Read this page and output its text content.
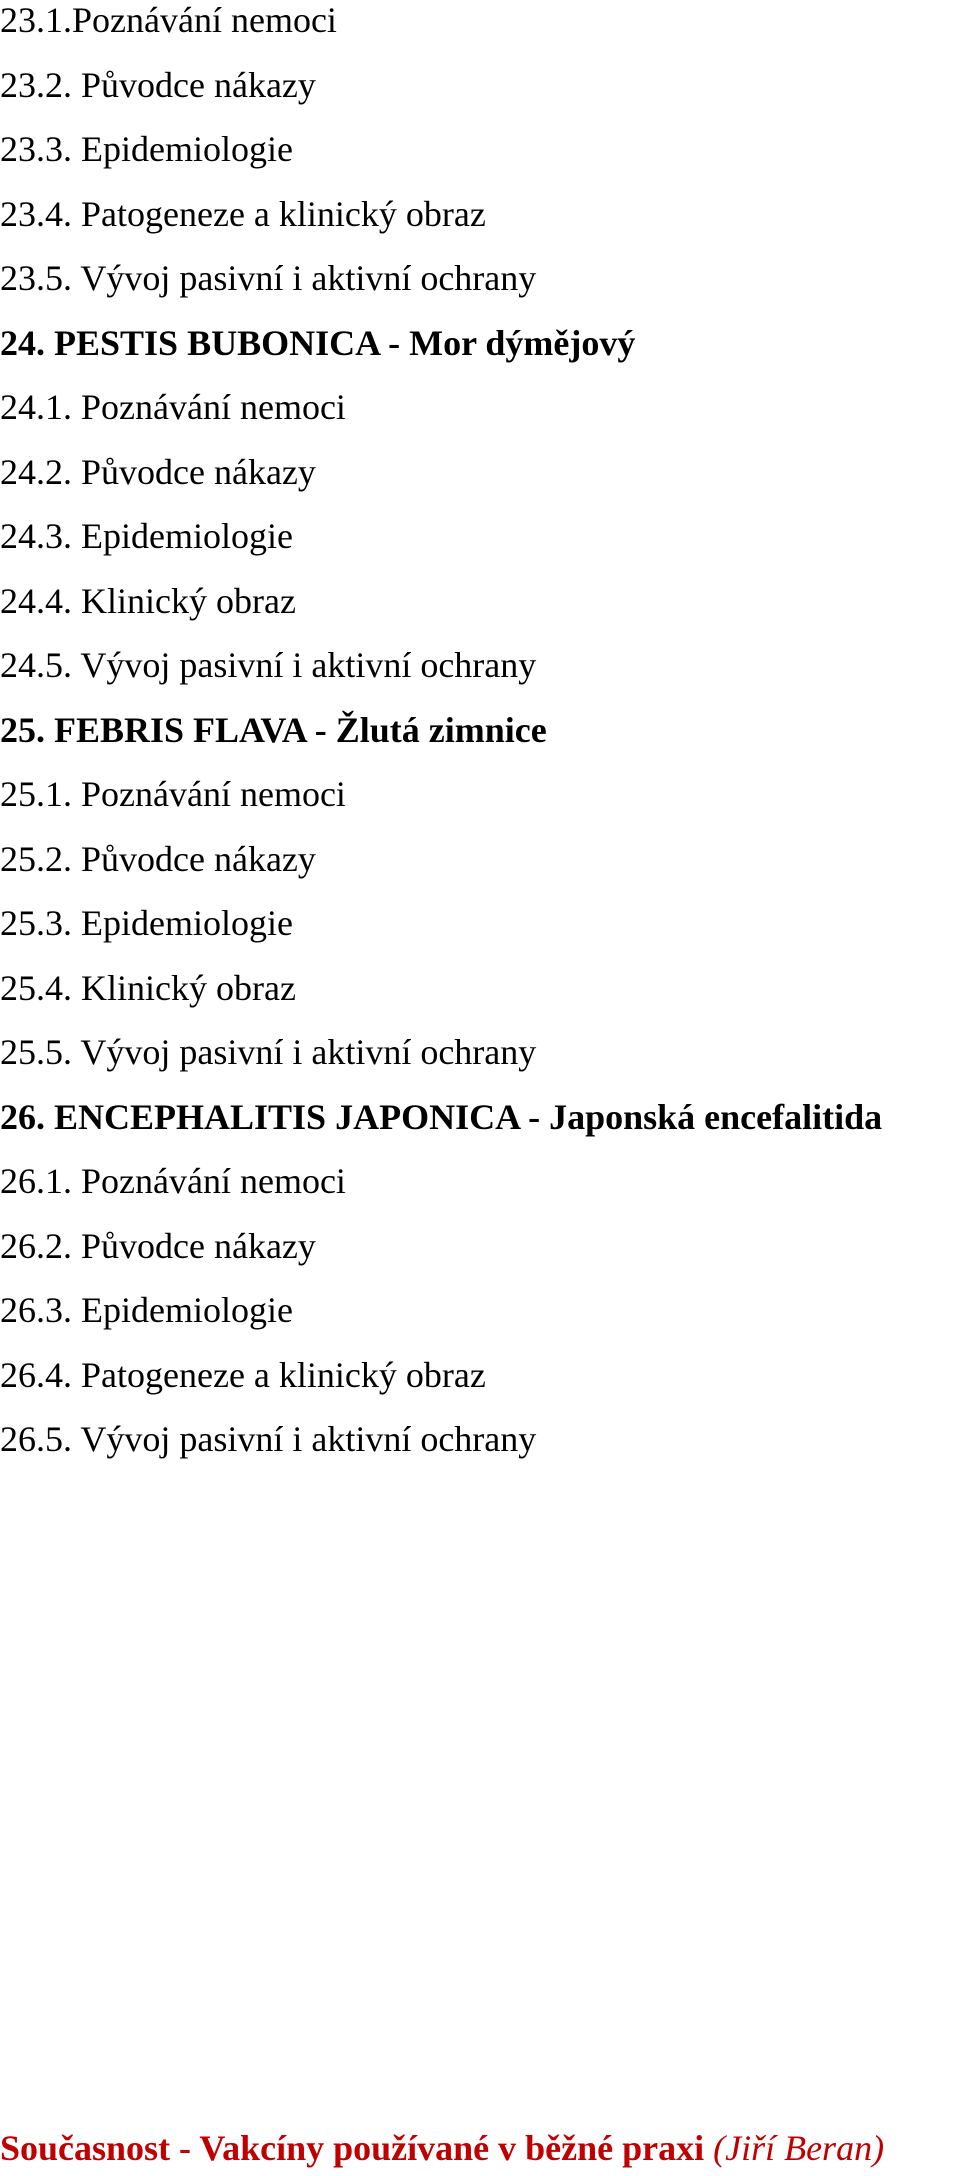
23.1.Poznávání nemoci

23.2. Původce nákazy

23.3. Epidemiologie

23.4. Patogeneze a klinický obraz

23.5. Vývoj pasivní i aktivní ochrany

24. PESTIS BUBONICA - Mor dýmějový

24.1. Poznávání nemoci

24.2. Původce nákazy

24.3. Epidemiologie

24.4. Klinický obraz

24.5. Vývoj pasivní i aktivní ochrany

25. FEBRIS FLAVA - Žlutá zimnice

25.1. Poznávání nemoci

25.2. Původce nákazy

25.3. Epidemiologie

25.4. Klinický obraz

25.5. Vývoj pasivní i aktivní ochrany

26. ENCEPHALITIS JAPONICA - Japonská encefalitida

26.1. Poznávání nemoci

26.2. Původce nákazy

26.3. Epidemiologie

26.4. Patogeneze a klinický obraz

26.5. Vývoj pasivní i aktivní ochrany

Současnost - Vakcíny používané v běžné praxi (Jiří Beran)
